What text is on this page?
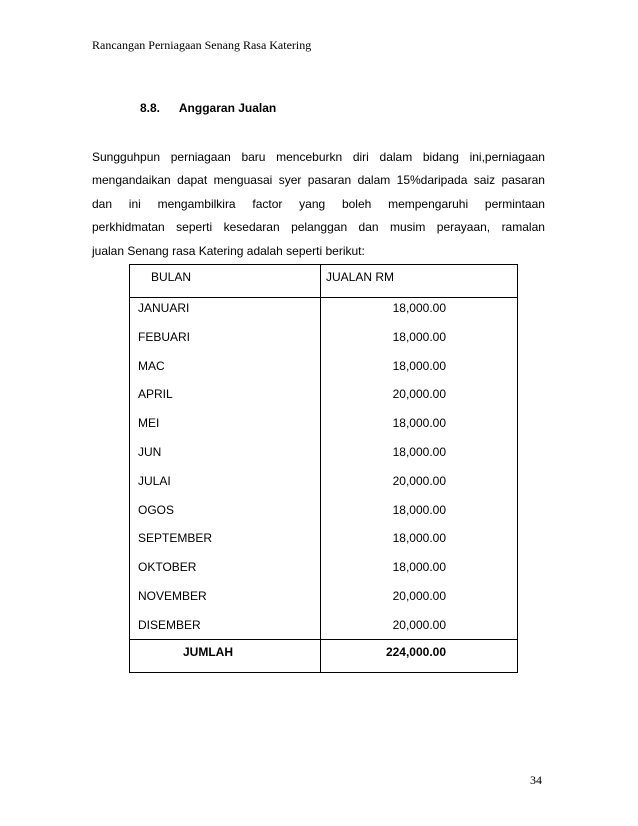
Rancangan Perniagaan Senang Rasa Katering
8.8. Anggaran Jualan
Sungguhpun perniagaan baru menceburkn diri dalam bidang ini,perniagaan
mengandaikan dapat menguasai syer pasaran dalam 15%daripada saiz pasaran
dan ini mengambilkira factor yang boleh mempengaruhi permintaan
perkhidmatan seperti kesedaran pelanggan dan musim perayaan, ramalan
jualan Senang rasa Katering adalah seperti berikut:
BULAN	JUALAN RM
JANUARI	18,000.00
FEBUARI	18,000.00
MAC	18,000.00
APRIL	20,000.00
MEI	18,000.00
JUN	18,000.00
JULAI	20,000.00
OGOS	18,000.00
SEPTEMBER	18,000.00
OKTOBER	18,000.00
NOVEMBER	20,000.00
DISEMBER	20,000.00
JUMLAH	224,000.00
34
